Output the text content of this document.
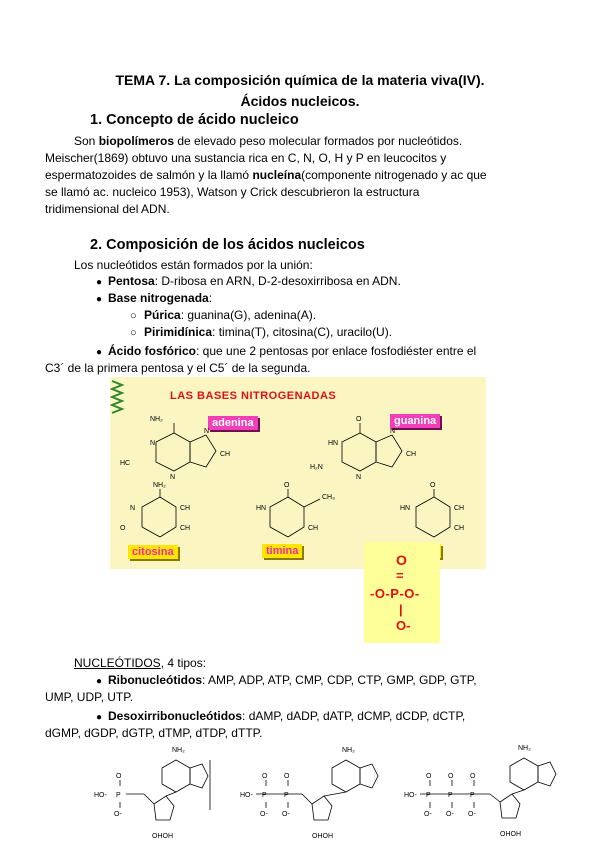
TEMA 7. La composición química de la materia viva(IV).
Ácidos nucleicos.
1. Concepto de ácido nucleico
Son biopolímeros de elevado peso molecular formados por nucleótidos.
Meischer(1869) obtuvo una sustancia rica en C, N, O, H y P en leucocitos y
espermatozoides de salmón y la llamó nucleína(componente nitrogenado y ac que
se llamó ac. nucleico 1953), Watson y Crick descubrieron la estructura
tridimensional del ADN.
2. Composición de los ácidos nucleicos
Los nucleótidos están formados por la unión:
● Pentosa: D-ribosa en ARN, D-2-desoxirribosa en ADN.
● Base nitrogenada:
○ Púrica: guanina(G), adenina(A).
○ Pirimidínica: timina(T), citosina(C), uracilo(U).
● Ácido fosfórico: que une 2 pentosas por enlace fosfodiéster entre el
C3´ de la primera pentosa y el C5´ de la segunda.
LAS BASES NITROGENADAS
adenina	guanina
citosina	timina
NH₂
N
HC
N
CH
N
O
HN
H₂N
N
CH
N
NH₂
N	CH
CH
O
O
HN
CH₃
CH
O
HN	CH
CH
O
=
-O-P-O-
|
O-
NUCLEÓTIDOS, 4 tipos:
● Ribonucleótidos: AMP, ADP, ATP, CMP, CDP, CTP, GMP, GDP, GTP,
UMP, UDP, UTP.
● Desoxirribonucleótidos: dAMP, dADP, dATP, dCMP, dCDP, dCTP,
dGMP, dGDP, dGTP, dTMP, dTDP, dTTP.
NH₂
HO- P
O
O-
OHOH
NH₂
HO- P P
O O
O- O-
OHOH
NH₂
HO- P P P
O O O
O- O- O-
OHOH
